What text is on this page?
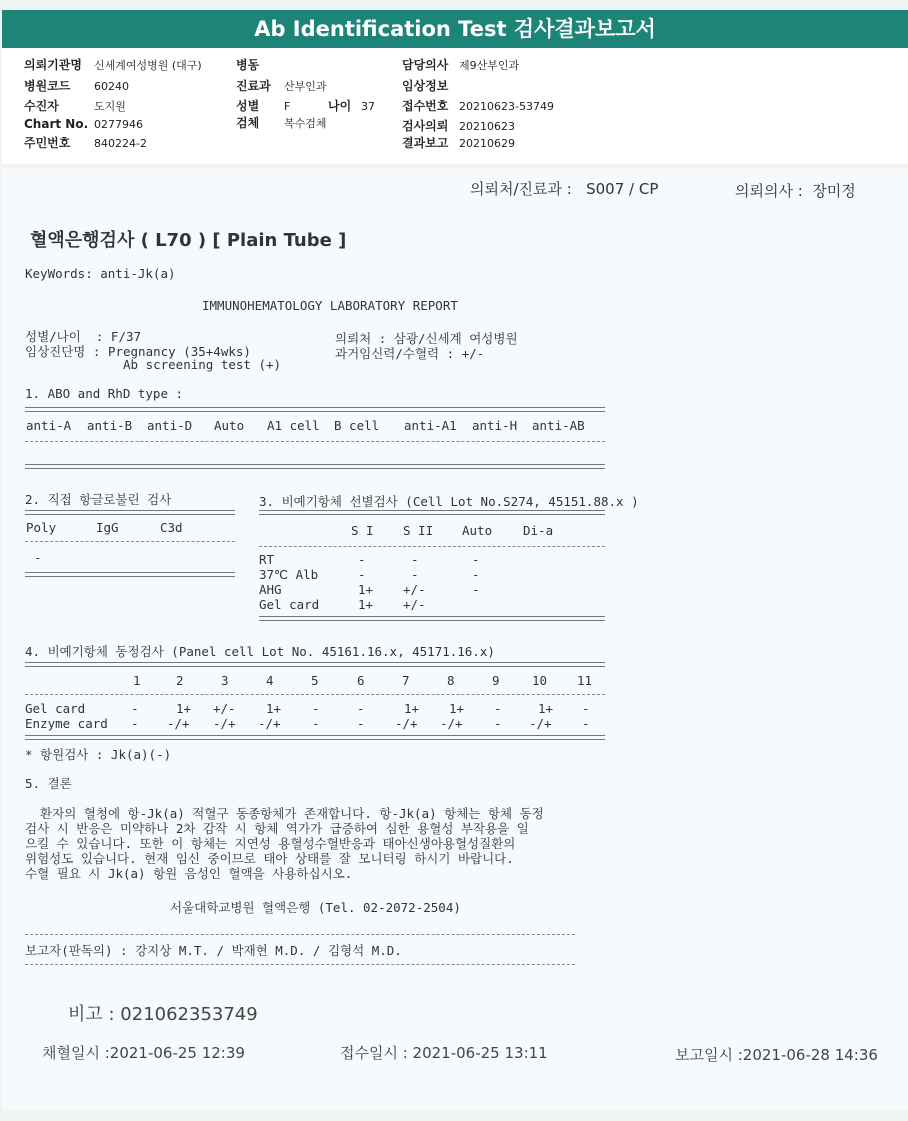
Ab Identification Test 검사결과보고서
의뢰기관명 신세계여성병원 (대구)
병원코드 60240
수진자	도지원
Chart No. 0277946
주민번호 840224-2
병동
진료과 산부인과
성별 F
검체 복수검체
나이 37
담당의사 제9산부인과
임상정보
접수번호 20210623-53749
검사의뢰 20210623
결과보고 20210629
의뢰처/진료과 :   S007 / CP	의뢰의사 :  장미정
혈액은행검사 ( L70 ) [ Plain Tube ]
KeyWords: anti-Jk(a)
IMMUNOHEMATOLOGY LABORATORY REPORT
성별/나이  : F/37
임상진단명 : Pregnancy (35+4wks)
Ab screening test (+)
의뢰처 : 삼광/신세계 여성병원
과거임신력/수혈력 : +/-
1. ABO and RhD type :
anti-A anti-B anti-D Auto A1 cell B cell anti-A1 anti-H anti-AB
2. 직접 항글로불린 검사
Poly	IgG	C3d
-
3. 비예기항체 선별검사 (Cell Lot No.S274, 45151.88.x )
S I S II Auto Di-a
RT	-	-	-
37℃ Alb	-	-	-
AHG	1+ +/-	-
Gel card	1+ +/-
4. 비예기항체 동정검사 (Panel cell Lot No. 45161.16.x, 45171.16.x)
1	2	3	4	5	6	7	8	9	10 11
Gel card	-	1+ +/- 1+ -	-	1+ 1+ -	1+ -
Enzyme card - -/+ -/+ -/+	-	- -/+ -/+	- -/+ -
* 항원검사 : Jk(a)(-)
5. 결론
환자의 혈청에 항-Jk(a) 적혈구 동종항체가 존재합니다. 항-Jk(a) 항체는 항체 동정
검사 시 반응은 미약하나 2차 감작 시 항체 역가가 급증하여 심한 용혈성 부작용을 일
으킬 수 있습니다. 또한 이 항체는 지연성 용혈성수혈반응과 태아신생아용혈성질환의
위험성도 있습니다. 현재 임신 중이므로 태아 상태를 잘 모니터링 하시기 바랍니다.
수혈 필요 시 Jk(a) 항원 음성인 혈액을 사용하십시오.
서울대학교병원 혈액은행 (Tel. 02-2072-2504)
보고자(판독의) : 강지상 M.T. / 박재현 M.D. / 김형석 M.D.
비고 : 021062353749
채혈일시 :2021-06-25 12:39	접수일시 : 2021-06-25 13:11	보고일시 :2021-06-28 14:36
